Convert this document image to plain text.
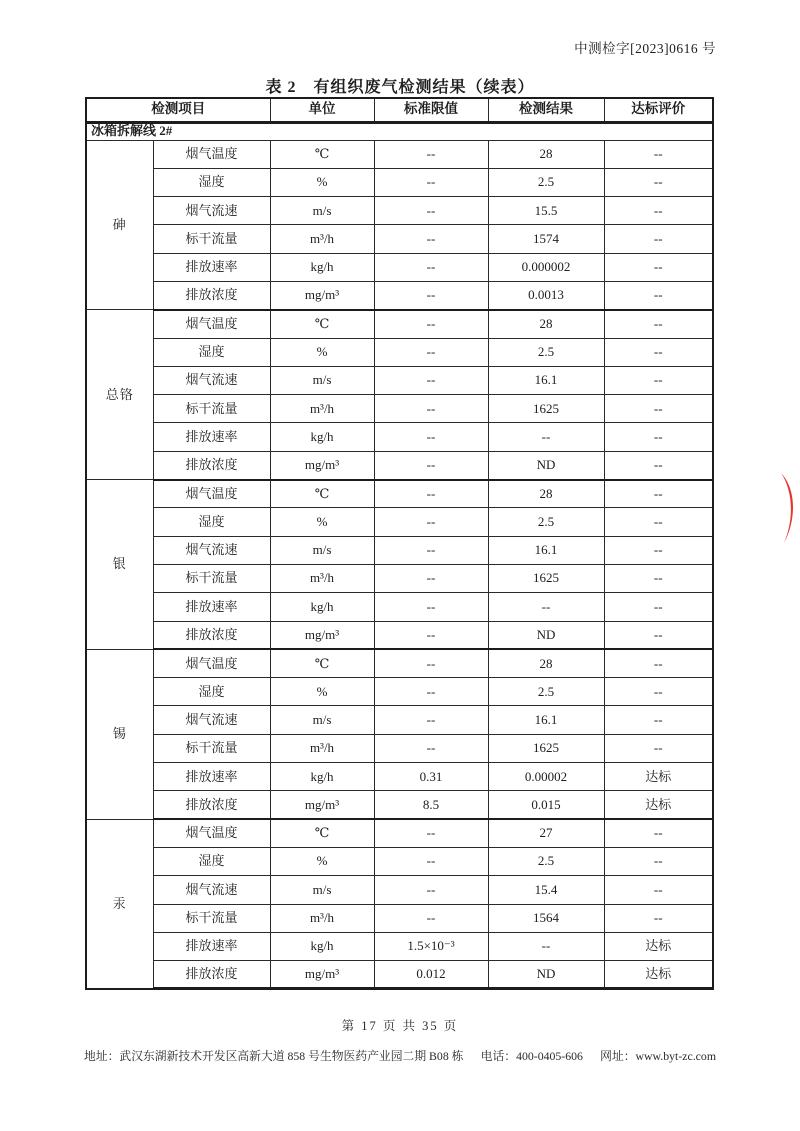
中测检字[2023]0616 号
表 2　有组织废气检测结果（续表）
检测项目		单位	标准限值	检测结果	达标评价
冰箱拆解线 2#					
砷	烟气温度	℃	--	28	--
	湿度	%	--	2.5	--
	烟气流速	m/s	--	15.5	--
	标干流量	m³/h	--	1574	--
	排放速率	kg/h	--	0.000002	--
	排放浓度	mg/m³	--	0.0013	--
总铬	烟气温度	℃	--	28	--
	湿度	%	--	2.5	--
	烟气流速	m/s	--	16.1	--
	标干流量	m³/h	--	1625	--
	排放速率	kg/h	--	--	--
	排放浓度	mg/m³	--	ND	--
银	烟气温度	℃	--	28	--
	湿度	%	--	2.5	--
	烟气流速	m/s	--	16.1	--
	标干流量	m³/h	--	1625	--
	排放速率	kg/h	--	--	--
	排放浓度	mg/m³	--	ND	--
锡	烟气温度	℃	--	28	--
	湿度	%	--	2.5	--
	烟气流速	m/s	--	16.1	--
	标干流量	m³/h	--	1625	--
	排放速率	kg/h	0.31	0.00002	达标
	排放浓度	mg/m³	8.5	0.015	达标
汞	烟气温度	℃	--	27	--
	湿度	%	--	2.5	--
	烟气流速	m/s	--	15.4	--
	标干流量	m³/h	--	1564	--
	排放速率	kg/h	1.5×10⁻³	--	达标
	排放浓度	mg/m³	0.012	ND	达标
第 17 页 共 35 页
地址：武汉东湖新技术开发区高新大道 858 号生物医药产业园二期 B08 栋 电话：400-0405-606 网址：www.byt-zc.com
